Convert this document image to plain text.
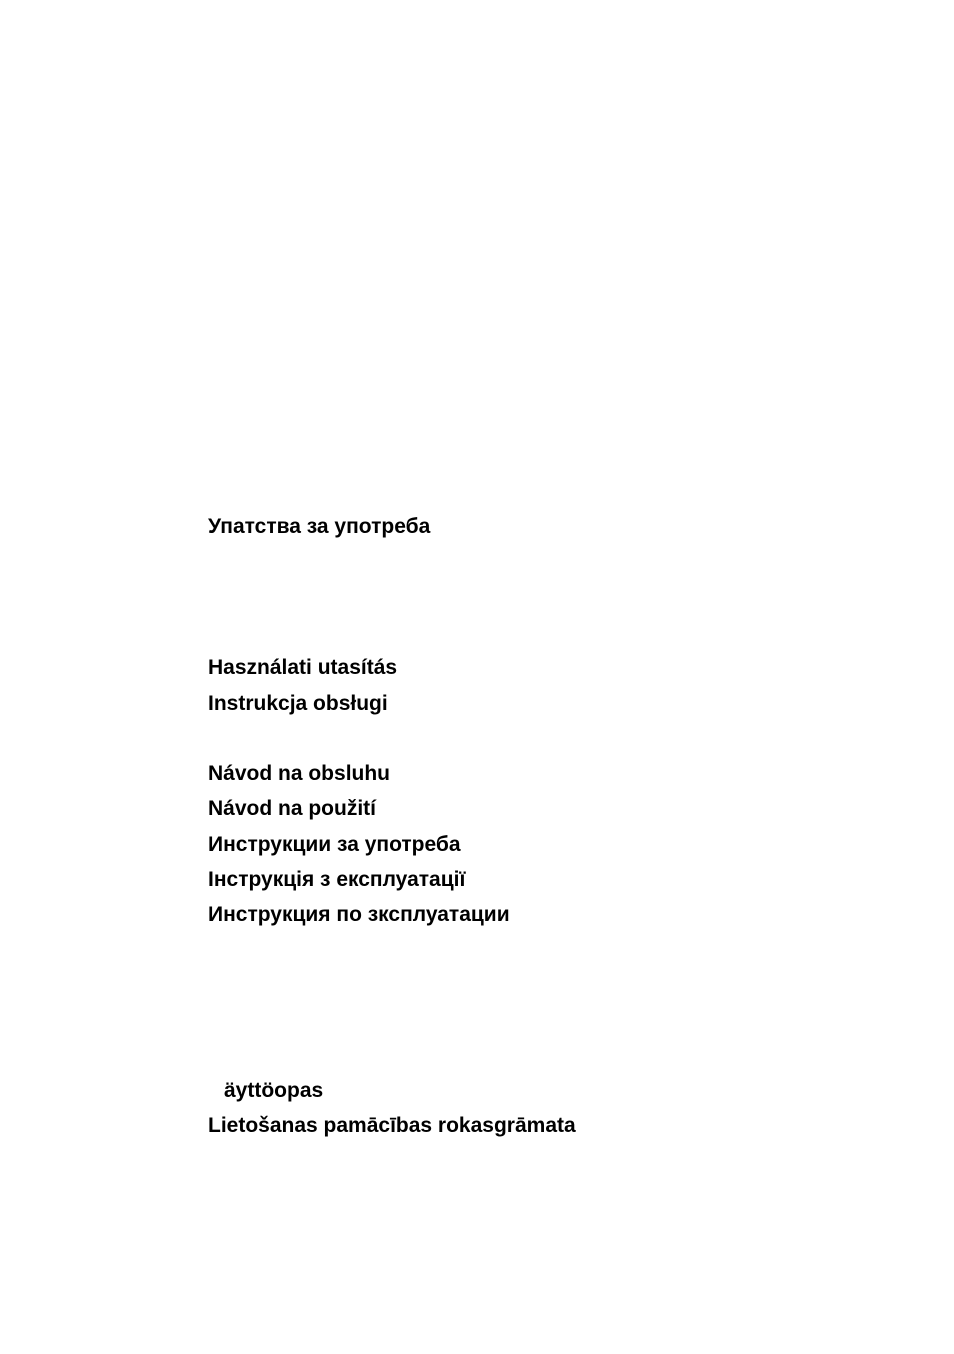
Упатства за употреба
Használati utasítás
Instrukcja obsługi
Návod na obsluhu
Návod na použití
Инструкции за употреба
Інструкція з експлуатації
Инструкция по зксплуатации
äyttöopas
Lietošanas pamācības rokasgrāmata
